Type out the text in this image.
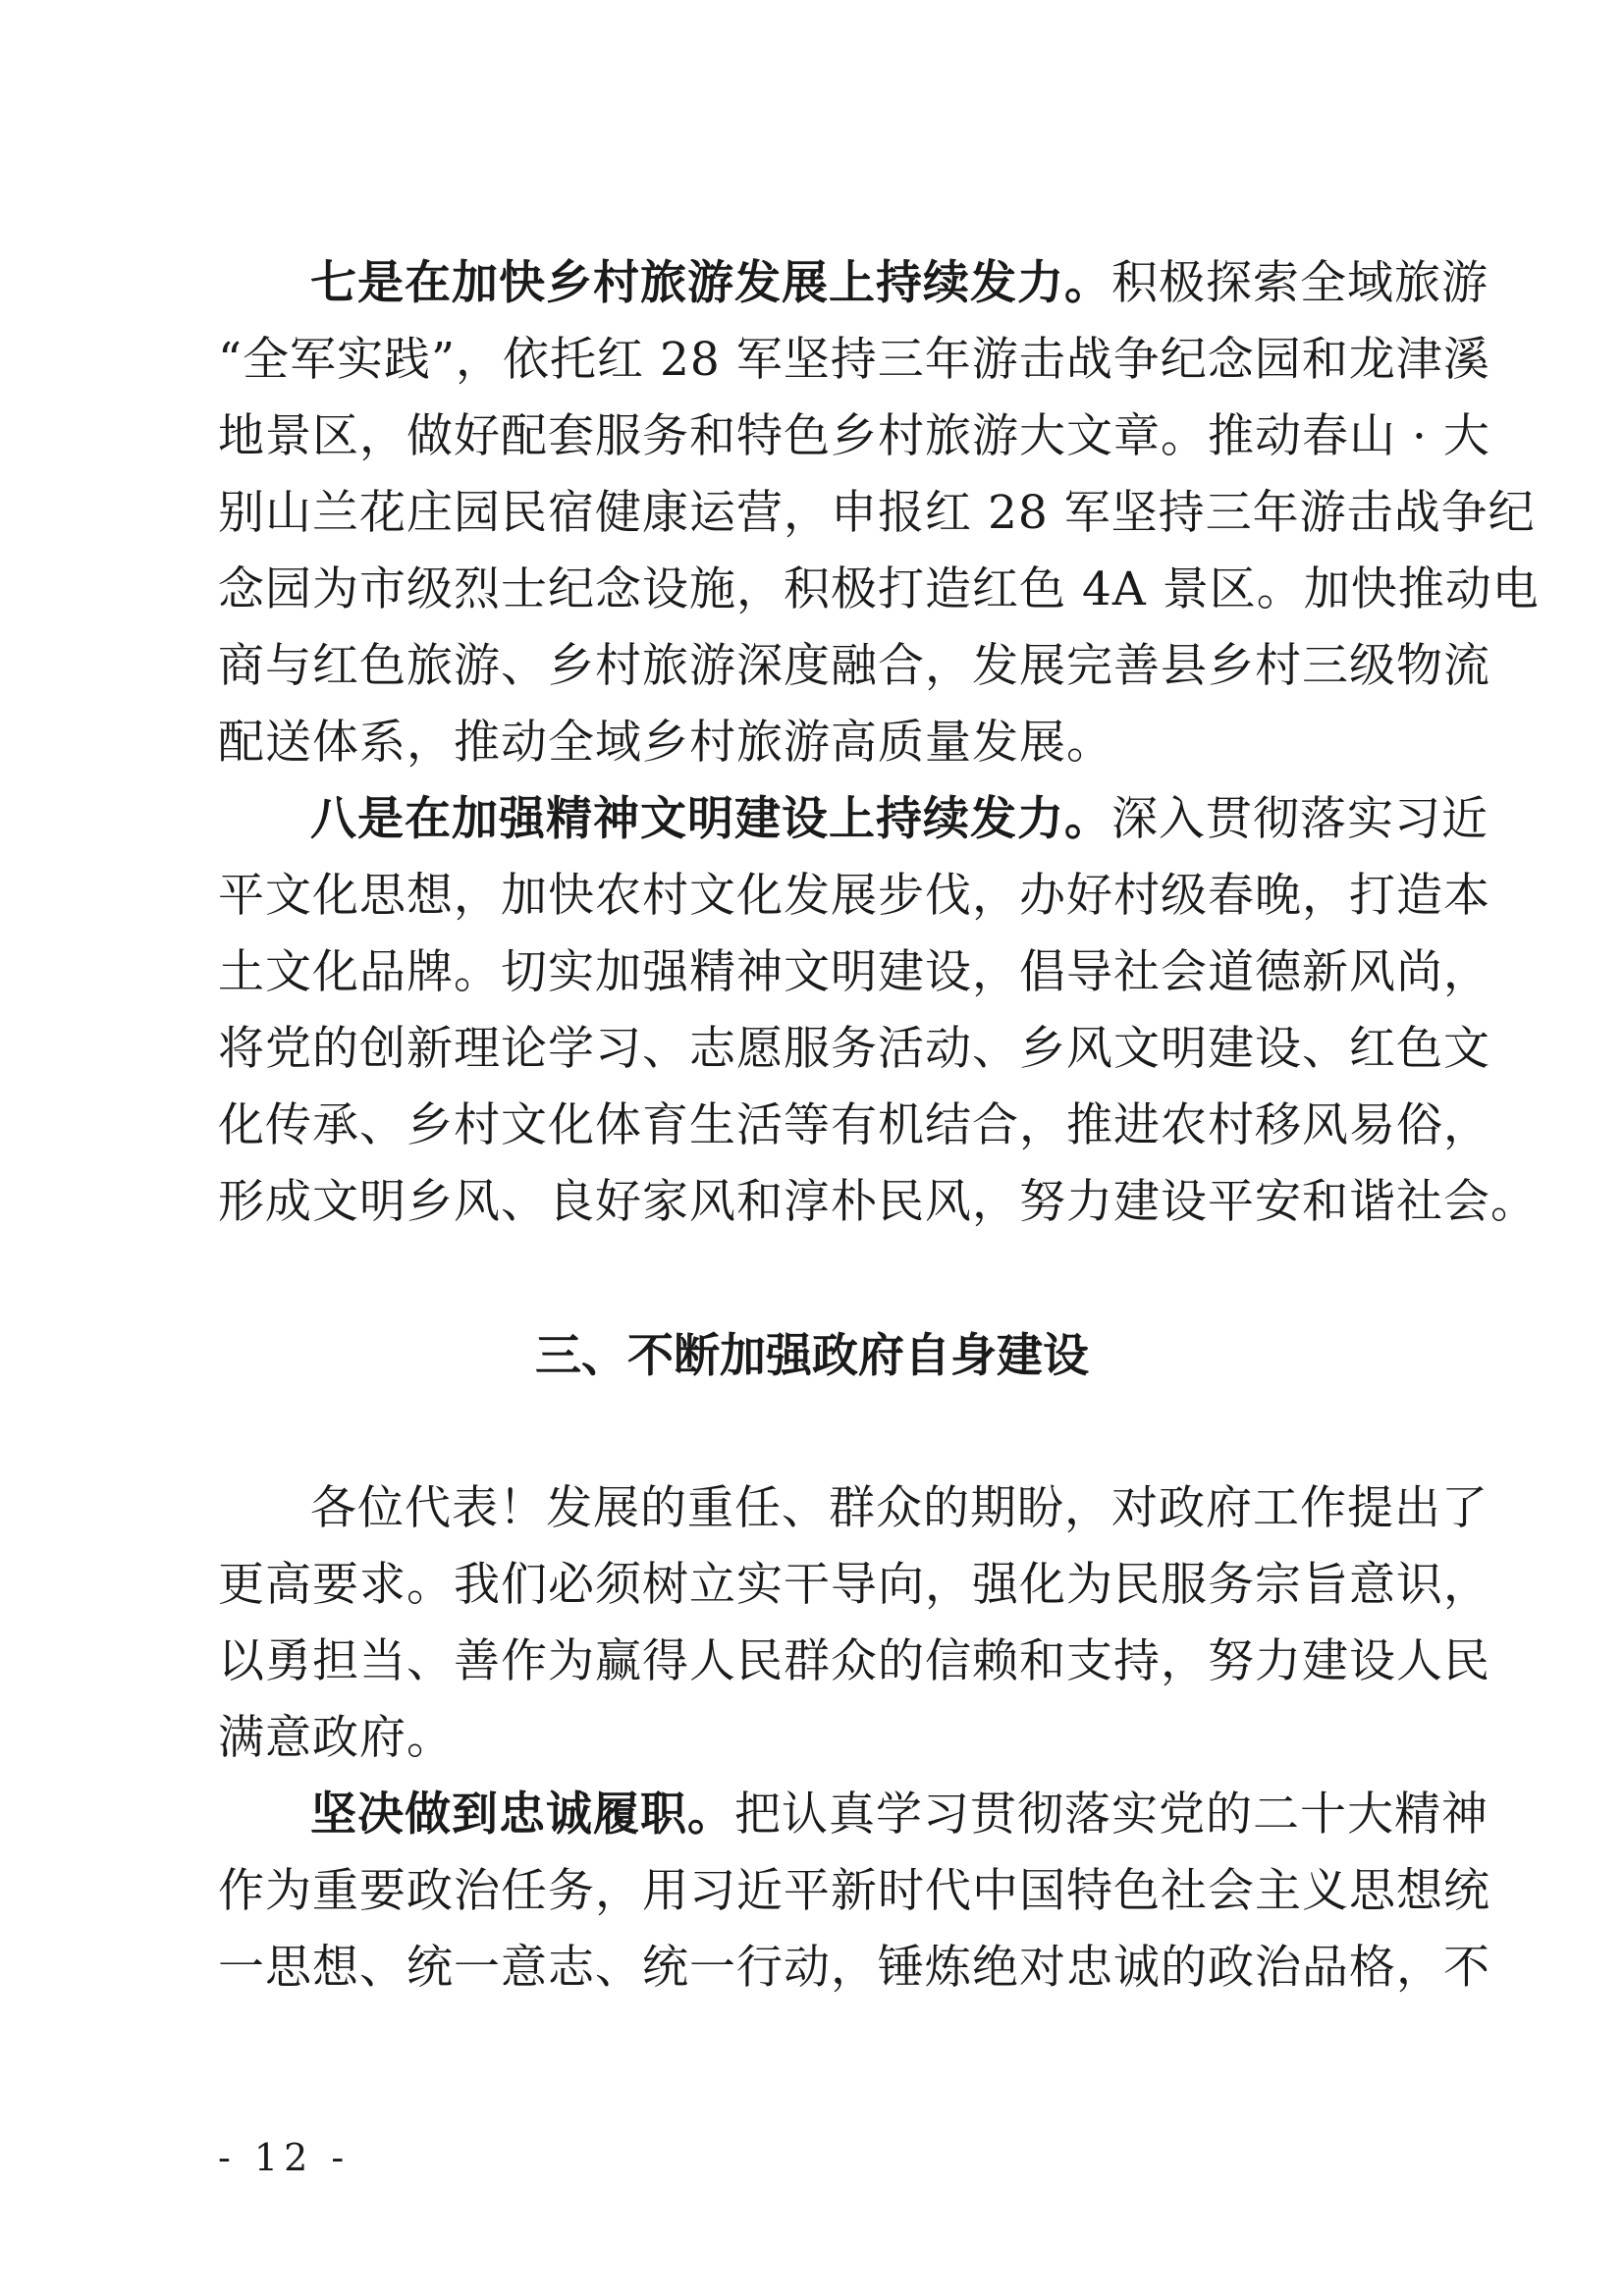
七是在加快乡村旅游发展上持续发力。积极探索全域旅游
“全军实践”，依托红 28 军坚持三年游击战争纪念园和龙津溪
地景区，做好配套服务和特色乡村旅游大文章。推动春山 · 大
别山兰花庄园民宿健康运营，申报红 28 军坚持三年游击战争纪
念园为市级烈士纪念设施，积极打造红色 4A 景区。加快推动电
商与红色旅游、乡村旅游深度融合，发展完善县乡村三级物流
配送体系，推动全域乡村旅游高质量发展。
八是在加强精神文明建设上持续发力。深入贯彻落实习近
平文化思想，加快农村文化发展步伐，办好村级春晚，打造本
土文化品牌。切实加强精神文明建设，倡导社会道德新风尚，
将党的创新理论学习、志愿服务活动、乡风文明建设、红色文
化传承、乡村文化体育生活等有机结合，推进农村移风易俗，
形成文明乡风、良好家风和淳朴民风，努力建设平安和谐社会。
三、不断加强政府自身建设
各位代表！发展的重任、群众的期盼，对政府工作提出了
更高要求。我们必须树立实干导向，强化为民服务宗旨意识，
以勇担当、善作为赢得人民群众的信赖和支持，努力建设人民
满意政府。
坚决做到忠诚履职。把认真学习贯彻落实党的二十大精神
作为重要政治任务，用习近平新时代中国特色社会主义思想统
一思想、统一意志、统一行动，锤炼绝对忠诚的政治品格，不
- 12 -
